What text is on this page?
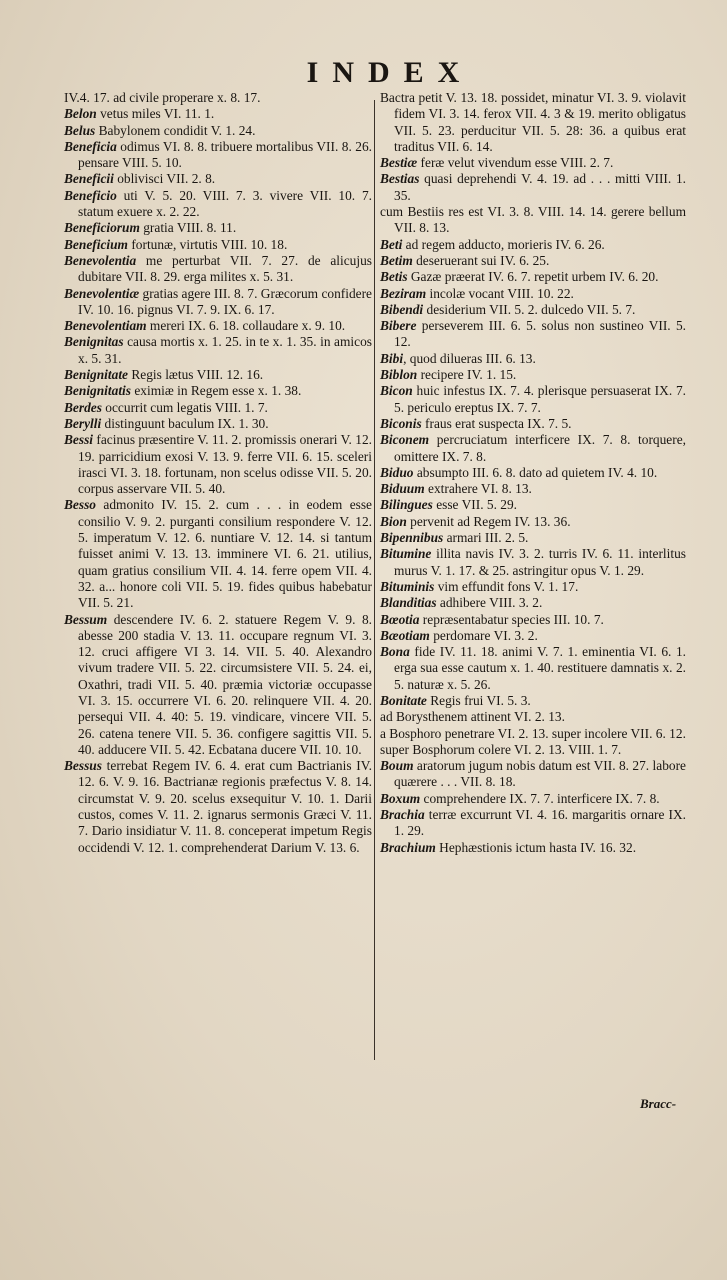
INDEX

IV.4. 17. ad civile properare x. 8. 17.

Belon vetus miles VI. 11. 1.

Belus Babylonem condidit V. 1. 24.

Beneficia odimus VI. 8. 8. tribuere mortalibus VII. 8. 26. pensare VIII. 5. 10.

Beneficii oblivisci VII. 2. 8.

Beneficio uti V. 5. 20. VIII. 7. 3. vivere VII. 10. 7. statum exuere x. 2. 22.

Beneficiorum gratia VIII. 8. 11.

Beneficium fortunæ, virtutis VIII. 10. 18.

Benevolentia me perturbat VII. 7. 27. de alicujus dubitare VII. 8. 29. erga milites x. 5. 31.

Benevolentiæ gratias agere III. 8. 7. Græcorum confidere IV. 10. 16. pignus VI. 7. 9. IX. 6. 17.

Benevolentiam mereri IX. 6. 18. collaudare x. 9. 10.

Benignitas causa mortis x. 1. 25. in te x. 1. 35. in amicos x. 5. 31.

Benignitate Regis lætus VIII. 12. 16.

Benignitatis eximiæ in Regem esse x. 1. 38.

Berdes occurrit cum legatis VIII. 1. 7.

Berylli distinguunt baculum IX. 1. 30.

Bessi facinus præsentire V. 11. 2. promissis onerari V. 12. 19. parricidium exosi V. 13. 9. ferre VII. 6. 15. sceleri irasci VI. 3. 18. fortunam, non scelus odisse VII. 5. 20. corpus asservare VII. 5. 40.

Besso admonito IV. 15. 2. cum . . . in eodem esse consilio V. 9. 2. purganti consilium respondere V. 12. 5. imperatum V. 12. 6. nuntiare V. 12. 14. si tantum fuisset animi V. 13. 13. imminere VI. 6. 21. utilius, quam gratius consilium VII. 4. 14. ferre opem VII. 4. 32. a... honore coli VII. 5. 19. fides quibus habebatur VII. 5. 21.

Bessum descendere IV. 6. 2. statuere Regem V. 9. 8. abesse 200 stadia V. 13. 11. occupare regnum VI. 3. 12. cruci affigere VI 3. 14. VII. 5. 40. Alexandro vivum tradere VII. 5. 22. circumsistere VII. 5. 24. ei, Oxathri, tradi VII. 5. 40. præmia victoriæ occupasse VI. 3. 15. occurrere VI. 6. 20. relinquere VII. 4. 20. persequi VII. 4. 40: 5. 19. vindicare, vincere VII. 5. 26. catena tenere VII. 5. 36. configere sagittis VII. 5. 40. adducere VII. 5. 42. Ecbatana ducere VII. 10. 10.

Bessus terrebat Regem IV. 6. 4. erat cum Bactrianis IV. 12. 6. V. 9. 16. Bactrianæ regionis præfectus V. 8. 14. circumstat V. 9. 20. scelus exsequitur V. 10. 1. Darii custos, comes V. 11. 2. ignarus sermonis Græci V. 11. 7. Dario insidiatur V. 11. 8. conceperat impetum Regis occidendi V. 12. 1. comprehenderat Darium V. 13. 6.

Bactra petit V. 13. 18. possidet, minatur VI. 3. 9. violavit fidem VI. 3. 14. ferox VII. 4. 3 & 19. merito obligatus VII. 5. 23. perducitur VII. 5. 28: 36. a quibus erat traditus VII. 6. 14.

Bestiæ feræ velut vivendum esse VIII. 2. 7.

Bestias quasi deprehendi V. 4. 19. ad . . . mitti VIII. 1. 35.

cum Bestiis res est VI. 3. 8. VIII. 14. 14. gerere bellum VII. 8. 13.

Beti ad regem adducto, morieris IV. 6. 26.

Betim deseruerant sui IV. 6. 25.

Betis Gazæ præerat IV. 6. 7. repetit urbem IV. 6. 20.

Beziram incolæ vocant VIII. 10. 22.

Bibendi desiderium VII. 5. 2. dulcedo VII. 5. 7.

Bibere perseverem III. 6. 5. solus non sustineo VII. 5. 12.

Bibi, quod dilueras III. 6. 13.

Biblon recipere IV. 1. 15.

Bicon huic infestus IX. 7. 4. plerisque persuaserat IX. 7. 5. periculo ereptus IX. 7. 7.

Biconis fraus erat suspecta IX. 7. 5.

Biconem percruciatum interficere IX. 7. 8. torquere, omittere IX. 7. 8.

Biduo absumpto III. 6. 8. dato ad quietem IV. 4. 10.

Biduum extrahere VI. 8. 13.

Bilingues esse VII. 5. 29.

Bion pervenit ad Regem IV. 13. 36.

Bipennibus armari III. 2. 5.

Bitumine illita navis IV. 3. 2. turris IV. 6. 11. interlitus murus V. 1. 17. & 25. astringitur opus V. 1. 29.

Bituminis vim effundit fons V. 1. 17.

Blanditias adhibere VIII. 3. 2.

Bœotia repræsentabatur species III. 10. 7.

Bæotiam perdomare VI. 3. 2.

Bona fide IV. 11. 18. animi V. 7. 1. eminentia VI. 6. 1. erga sua esse cautum x. 1. 40. restituere damnatis x. 2. 5. naturæ x. 5. 26.

Bonitate Regis frui VI. 5. 3.

ad Borysthenem attinent VI. 2. 13.

a Bosphoro penetrare VI. 2. 13. super incolere VII. 6. 12.

super Bosphorum colere VI. 2. 13. VIII. 1. 7.

Boum aratorum jugum nobis datum est VII. 8. 27. labore quærere . . . VII. 8. 18.

Boxum comprehendere IX. 7. 7. interficere IX. 7. 8.

Brachia terræ excurrunt VI. 4. 16. margaritis ornare IX. 1. 29.

Brachium Hephæstionis ictum hasta IV. 16. 32.

Bracc-
